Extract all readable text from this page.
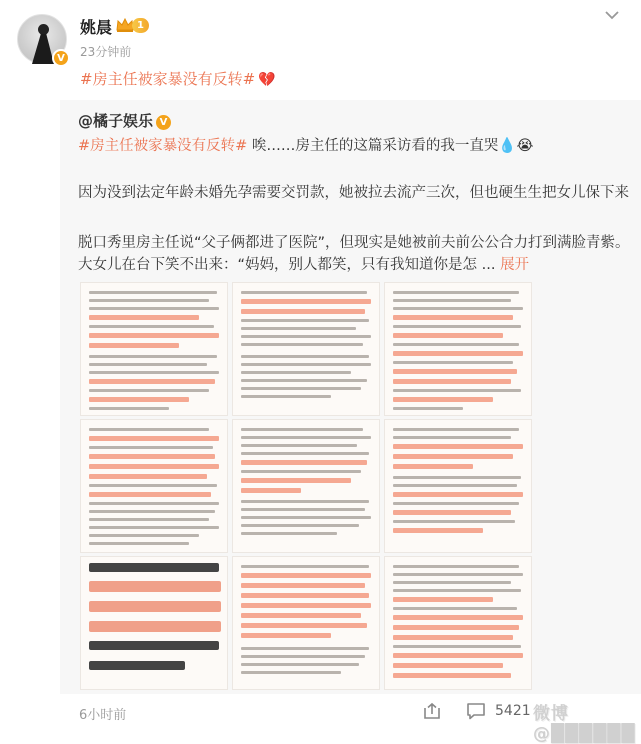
V
姚晨	1
23分钟前
#房主任被家暴没有反转# 💔
@橘子娱乐 V
#房主任被家暴没有反转# 唉……房主任的这篇采访看的我一直哭💧😭
因为没到法定年龄未婚先孕需要交罚款，她被拉去流产三次，但也硬生生把女儿保下来
脱口秀里房主任说“父子俩都进了医院”，但现实是她被前夫前公公合力打到满脸青紫。
大女儿在台下笑不出来：“妈妈，别人都笑，只有我知道你是怎 ... 展开
6小时前	5421 微博@██████
